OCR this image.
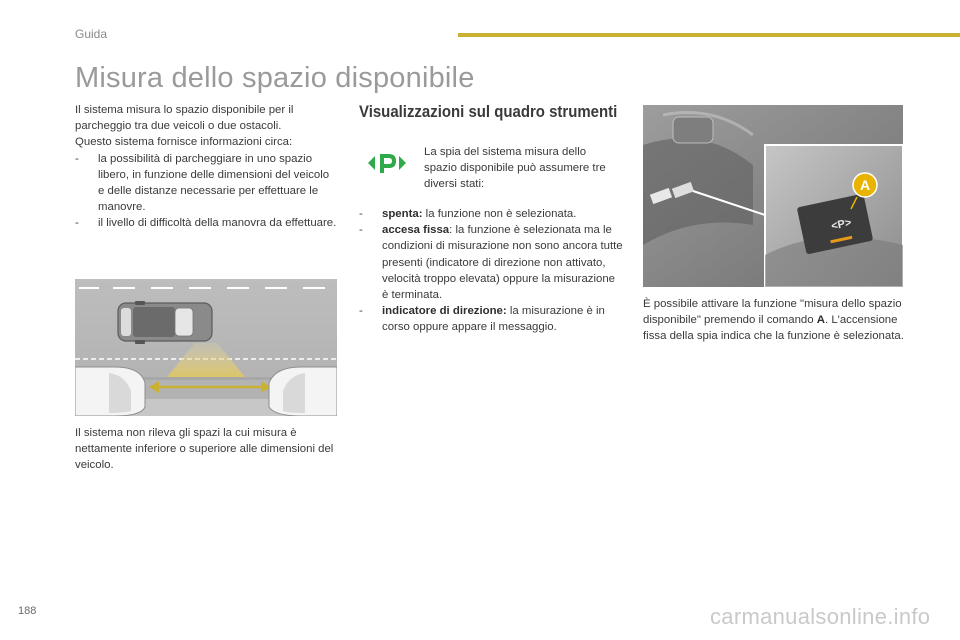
Guida
Misura dello spazio disponibile

Il sistema misura lo spazio disponibile per il parcheggio tra due veicoli o due ostacoli.

Questo sistema fornisce informazioni circa:

-	la possibilità di parcheggiare in uno spazio libero, in funzione delle dimensioni del veicolo e delle distanze necessarie per effettuare le manovre.
-	il livello di difficoltà della manovra da effettuare.
Il sistema non rileva gli spazi la cui misura è nettamente inferiore o superiore alle dimensioni del veicolo.
Visualizzazioni sul quadro strumenti
La spia del sistema misura dello spazio disponibile può assumere tre diversi stati:
-	spenta: la funzione non è selezionata.
-	accesa fissa: la funzione è selezionata ma le condizioni di misurazione non sono ancora tutte presenti (indicatore di direzione non attivato, velocità troppo elevata) oppure la misurazione è terminata.
-	indicatore di direzione: la misurazione è in corso oppure appare il messaggio.
<P>
A
È possibile attivare la funzione "misura dello spazio disponibile" premendo il comando A. L'accensione fissa della spia indica che la funzione è selezionata.
188	carmanualsonline.info
